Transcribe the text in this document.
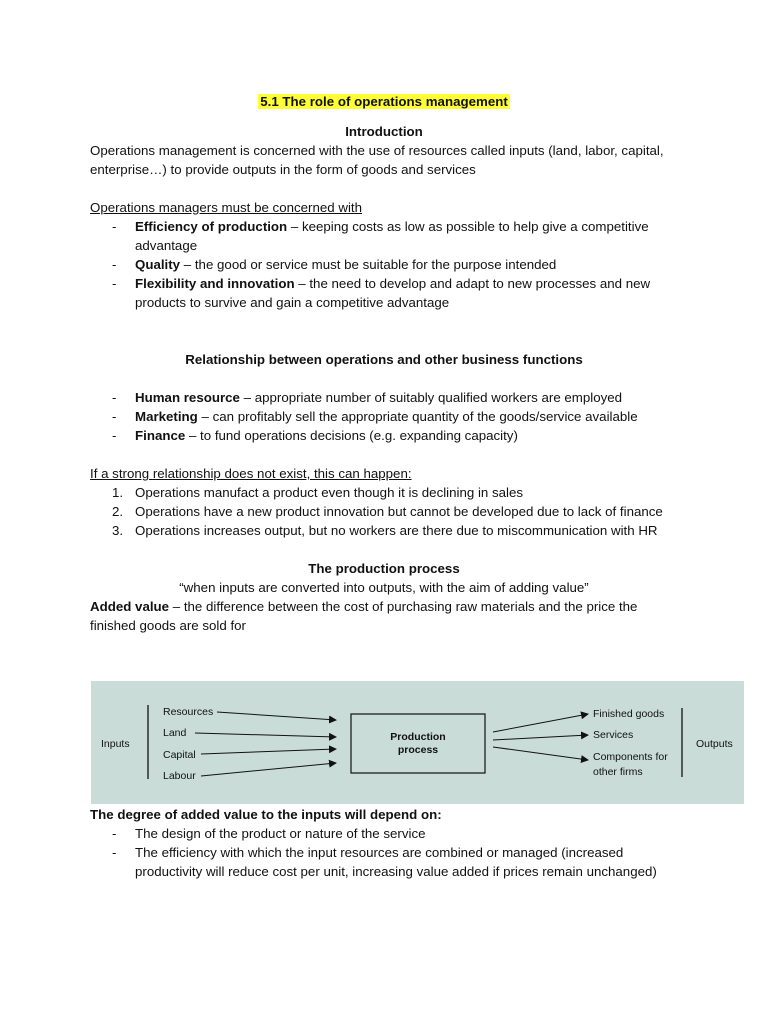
5.1 The role of operations management
Introduction

Operations management is concerned with the use of resources called inputs (land, labor, capital, enterprise…) to provide outputs in the form of goods and services

Operations managers must be concerned with

- Efficiency of production – keeping costs as low as possible to help give a competitive advantage
- Quality – the good or service must be suitable for the purpose intended
- Flexibility and innovation – the need to develop and adapt to new processes and new products to survive and gain a competitive advantage
Relationship between operations and other business functions
- Human resource – appropriate number of suitably qualified workers are employed
- Marketing – can profitably sell the appropriate quantity of the goods/service available
- Finance – to fund operations decisions (e.g. expanding capacity)

If a strong relationship does not exist, this can happen:

1. Operations manufact a product even though it is declining in sales
2. Operations have a new product innovation but cannot be developed due to lack of finance
3. Operations increases output, but no workers are there due to miscommunication with HR
The production process

“when inputs are converted into outputs, with the aim of adding value”

Added value – the difference between the cost of purchasing raw materials and the price the finished goods are sold for

Inputs
Resources
Land
Capital
Labour
Production
process
Finished goods
Services
Components for
other firms
Outputs

The degree of added value to the inputs will depend on:

- The design of the product or nature of the service
- The efficiency with which the input resources are combined or managed (increased productivity will reduce cost per unit, increasing value added if prices remain unchanged)
